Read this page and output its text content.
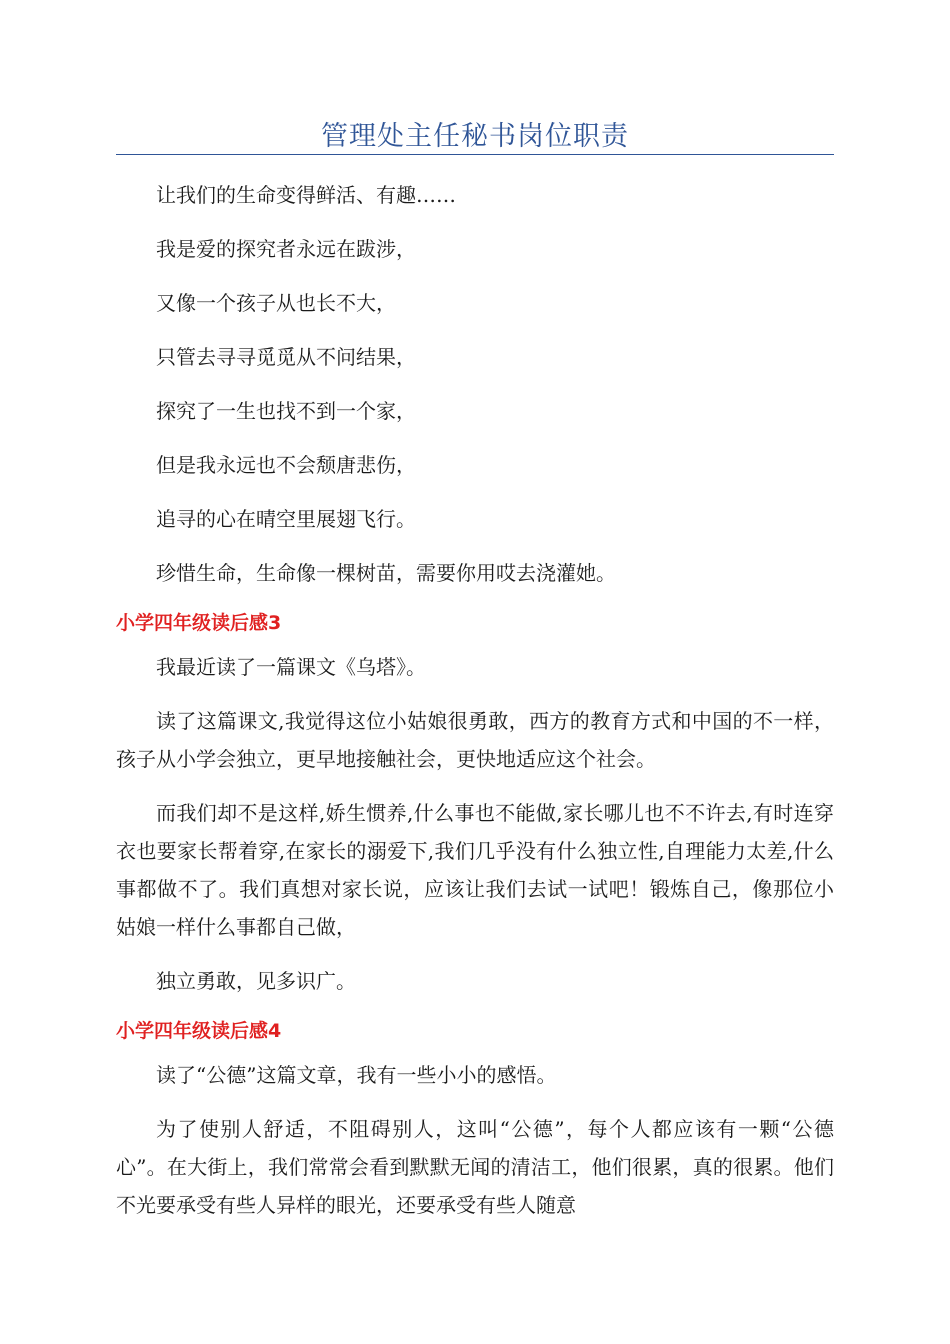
管理处主任秘书岗位职责

让我们的生命变得鲜活、有趣……

我是爱的探究者永远在跋涉，

又像一个孩子从也长不大，

只管去寻寻觅觅从不问结果，

探究了一生也找不到一个家，

但是我永远也不会颓唐悲伤，

追寻的心在晴空里展翅飞行。

珍惜生命，生命像一棵树苗，需要你用哎去浇灌她。

小学四年级读后感3

我最近读了一篇课文《乌塔》。

读了这篇课文,我觉得这位小姑娘很勇敢，西方的教育方式和中国的不一样，孩子从小学会独立，更早地接触社会，更快地适应这个社会。

而我们却不是这样,娇生惯养,什么事也不能做,家长哪儿也不不许去,有时连穿衣也要家长帮着穿,在家长的溺爱下,我们几乎没有什么独立性,自理能力太差,什么事都做不了。我们真想对家长说，应该让我们去试一试吧！锻炼自己，像那位小姑娘一样什么事都自己做，

独立勇敢，见多识广。

小学四年级读后感4

读了“公德”这篇文章，我有一些小小的感悟。

为了使别人舒适，不阻碍别人，这叫“公德”，每个人都应该有一颗“公德心”。在大街上，我们常常会看到默默无闻的清洁工，他们很累，真的很累。他们不光要承受有些人异样的眼光，还要承受有些人随意
